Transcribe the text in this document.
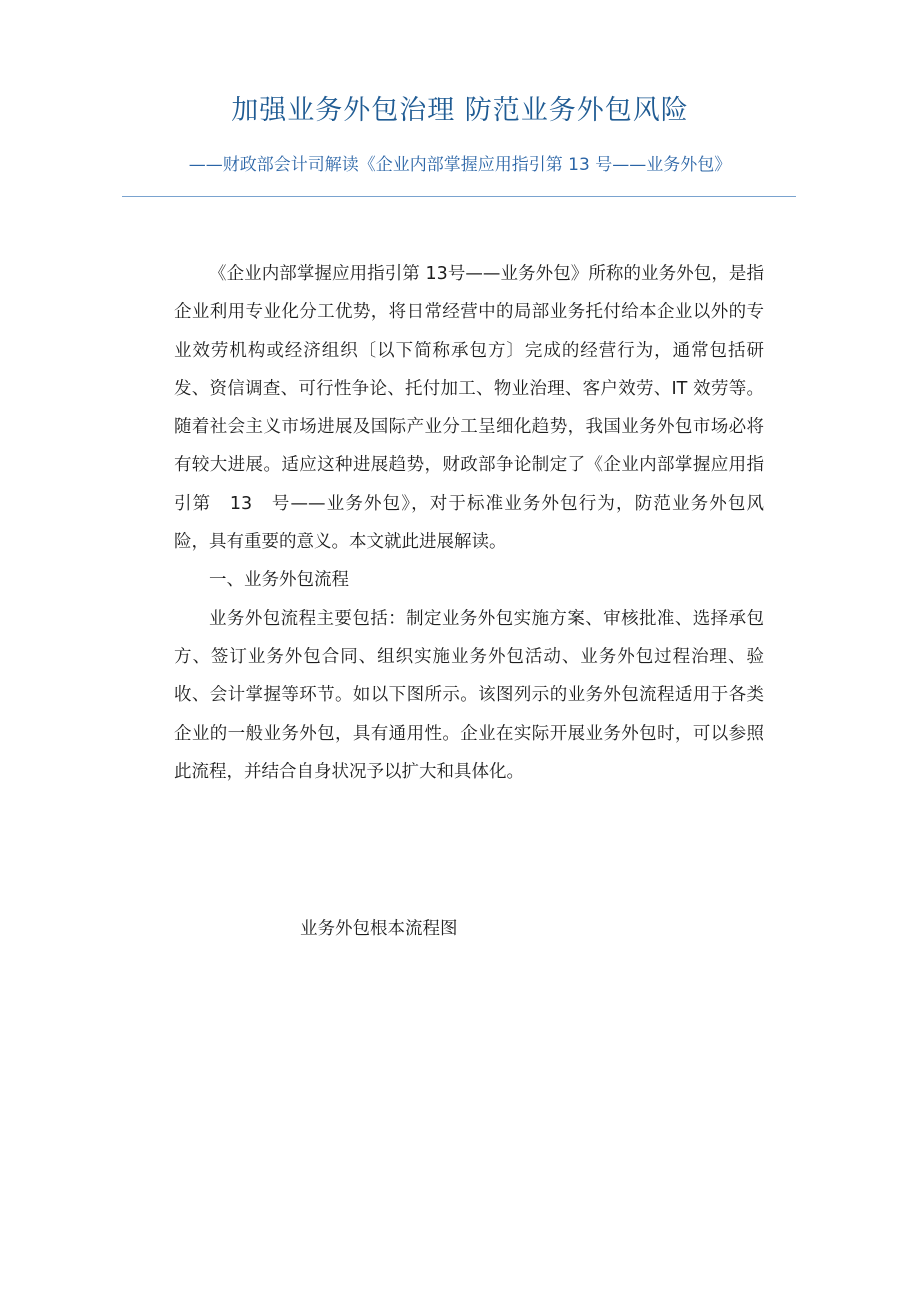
加强业务外包治理 防范业务外包风险
——财政部会计司解读《企业内部掌握应用指引第 13 号——业务外包》

《企业内部掌握应用指引第 13号——业务外包》所称的业务外包，是指企业利用专业化分工优势，将日常经营中的局部业务托付给本企业以外的专业效劳机构或经济组织〔以下简称承包方〕完成的经营行为，通常包括研发、资信调查、可行性争论、托付加工、物业治理、客户效劳、IT 效劳等。随着社会主义市场进展及国际产业分工呈细化趋势，我国业务外包市场必将有较大进展。适应这种进展趋势，财政部争论制定了《企业内部掌握应用指引第　13　号——业务外包》，对于标准业务外包行为，防范业务外包风险，具有重要的意义。本文就此进展解读。

一、业务外包流程

业务外包流程主要包括：制定业务外包实施方案、审核批准、选择承包方、签订业务外包合同、组织实施业务外包活动、业务外包过程治理、验收、会计掌握等环节。如以下图所示。该图列示的业务外包流程适用于各类企业的一般业务外包，具有通用性。企业在实际开展业务外包时，可以参照此流程，并结合自身状况予以扩大和具体化。

业务外包根本流程图
